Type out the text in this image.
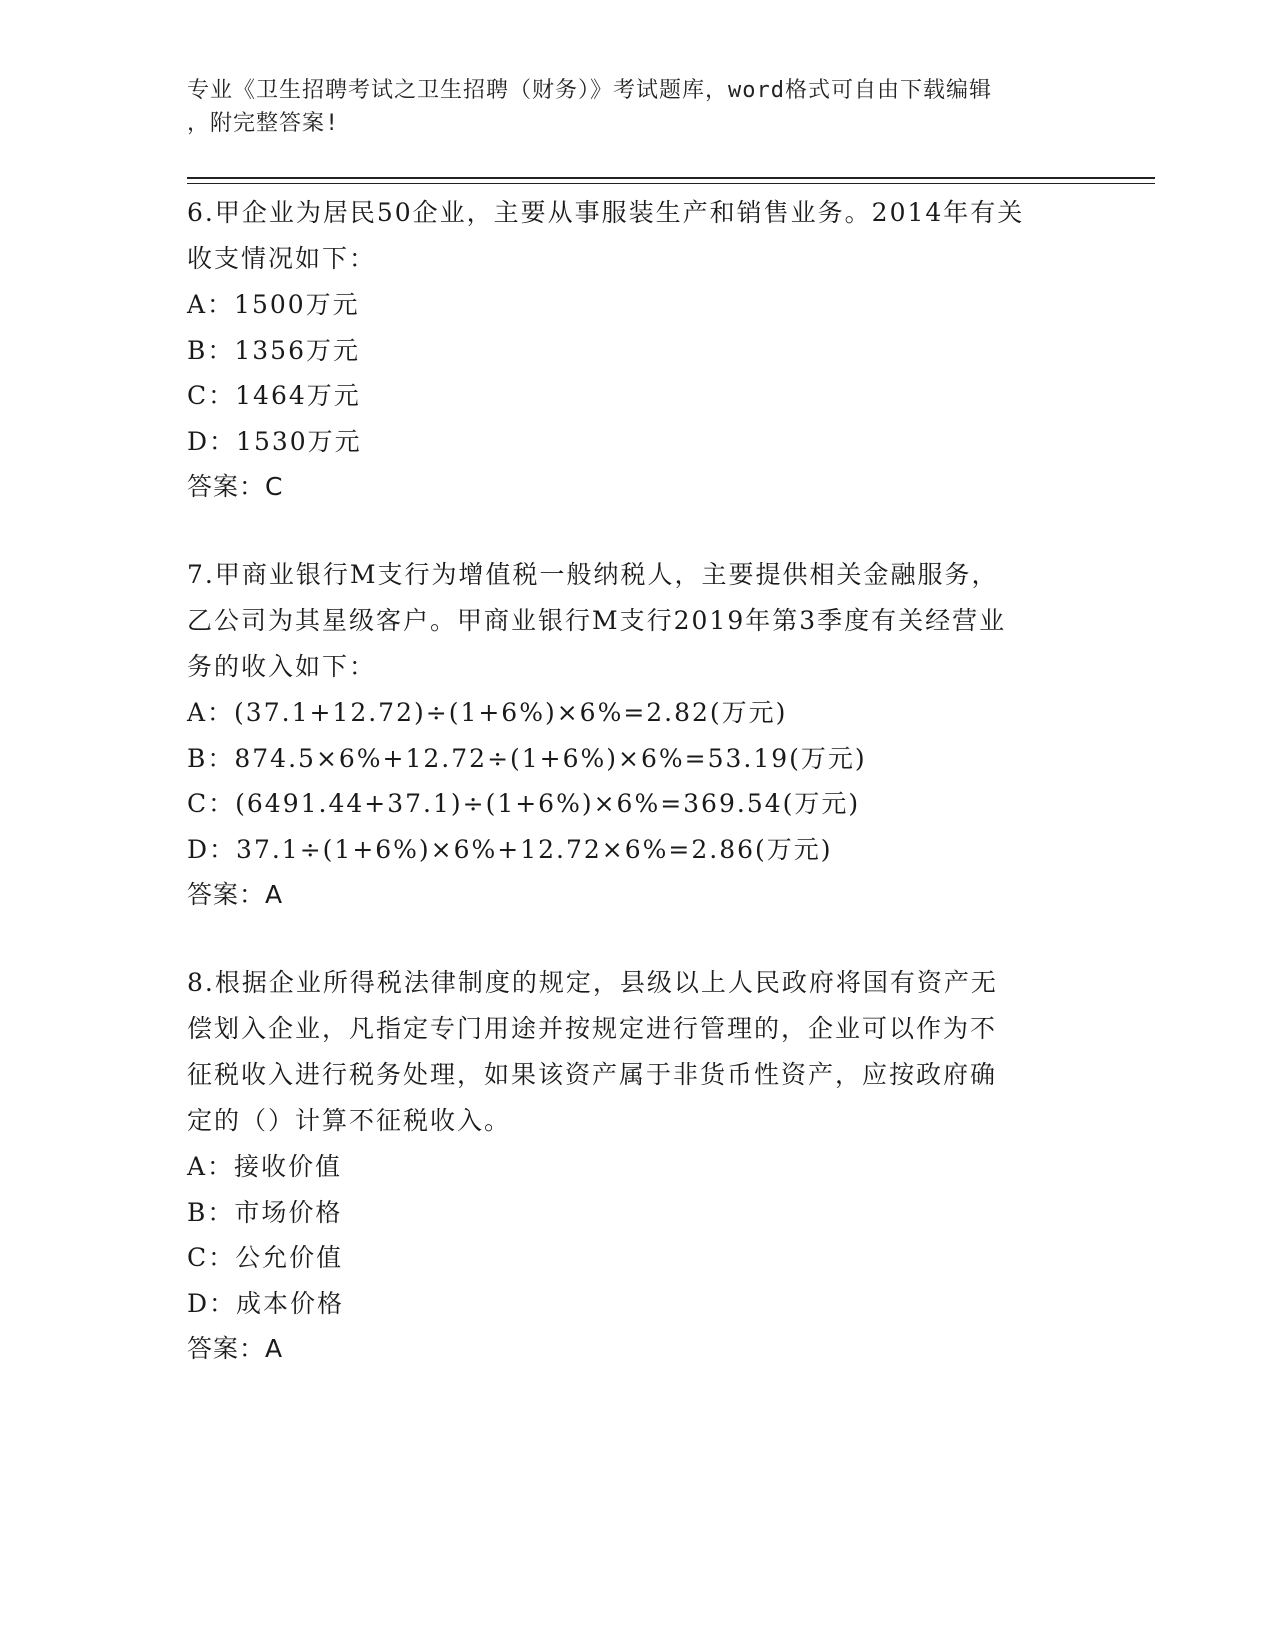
专业《卫生招聘考试之卫生招聘（财务）》考试题库，word格式可自由下载编辑
，附完整答案!
6.甲企业为居民50企业，主要从事服装生产和销售业务。2014年有关
收支情况如下：
A：1500万元
B：1356万元
C：1464万元
D：1530万元
答案：C
7.甲商业银行M支行为增值税一般纳税人，主要提供相关金融服务，
乙公司为其星级客户。甲商业银行M支行2019年第3季度有关经营业
务的收入如下：
A：(37.1+12.72)÷(1+6%)×6%=2.82(万元)
B：874.5×6%+12.72÷(1+6%)×6%=53.19(万元)
C：(6491.44+37.1)÷(1+6%)×6%=369.54(万元)
D：37.1÷(1+6%)×6%+12.72×6%=2.86(万元)
答案：A
8.根据企业所得税法律制度的规定，县级以上人民政府将国有资产无
偿划入企业，凡指定专门用途并按规定进行管理的，企业可以作为不
征税收入进行税务处理，如果该资产属于非货币性资产，应按政府确
定的（）计算不征税收入。
A：接收价值
B：市场价格
C：公允价值
D：成本价格
答案：A
